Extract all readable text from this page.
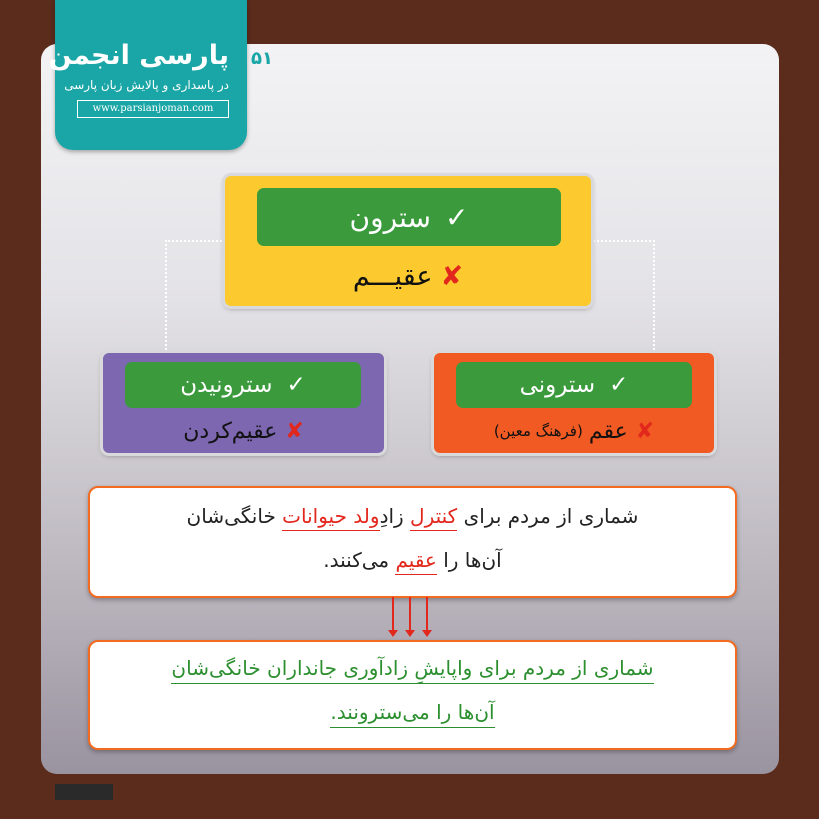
پارسی انجمن
در پاسداری و پالایش زبان پارسی
www.parsianjoman.com
۵۱
✓
سترون
✘
عقیـــم
✓
سترونیدن
✘
عقیم‌کردن
✓
سترونی
✘
عقم
(فرهنگ معین)
شماری از مردم برای کنترل زادِولد حیوانات خانگی‌شان
آن‌ها را عقیم می‌کنند.
شماری از مردم برای واپایشِ زادآوری جانداران خانگی‌شان
آن‌ها را می‌سترونند.
